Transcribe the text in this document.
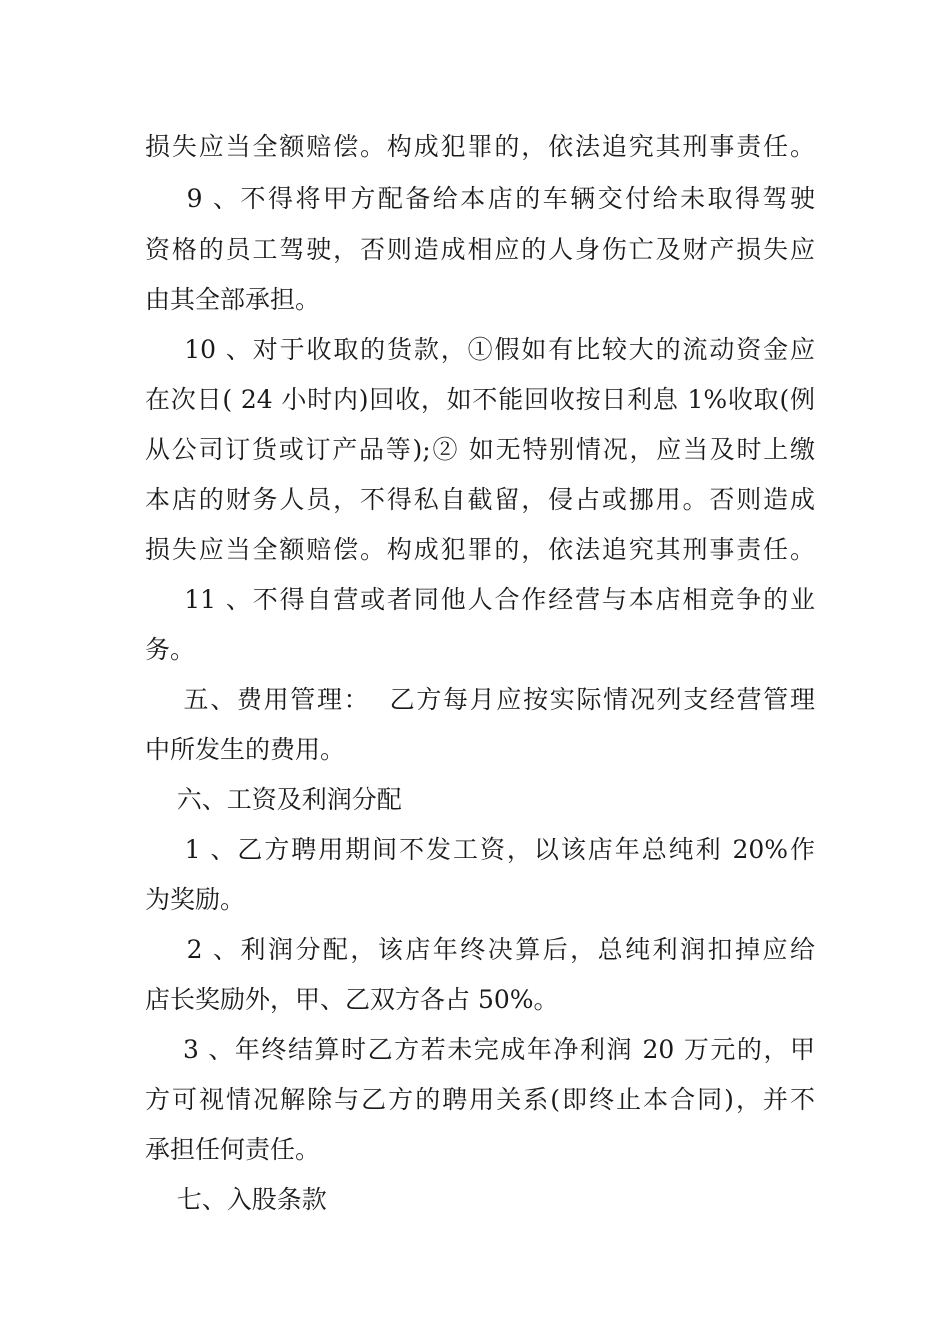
损失应当全额赔偿。构成犯罪的，依法追究其刑事责任。
9 、不得将甲方配备给本店的车辆交付给未取得驾驶
资格的员工驾驶，否则造成相应的人身伤亡及财产损失应
由其全部承担。
10 、对于收取的货款，①假如有比较大的流动资金应
在次日( 24 小时内)回收，如不能回收按日利息 1%收取(例
从公司订货或订产品等);② 如无特别情况，应当及时上缴
本店的财务人员，不得私自截留，侵占或挪用。否则造成
损失应当全额赔偿。构成犯罪的，依法追究其刑事责任。
11 、不得自营或者同他人合作经营与本店相竞争的业
务。
五、费用管理：  乙方每月应按实际情况列支经营管理
中所发生的费用。
六、工资及利润分配
1 、乙方聘用期间不发工资，以该店年总纯利 20%作
为奖励。
2 、利润分配，该店年终决算后，总纯利润扣掉应给
店长奖励外，甲、乙双方各占 50%。
3 、年终结算时乙方若未完成年净利润 20 万元的，甲
方可视情况解除与乙方的聘用关系(即终止本合同)，并不
承担任何责任。
七、入股条款
